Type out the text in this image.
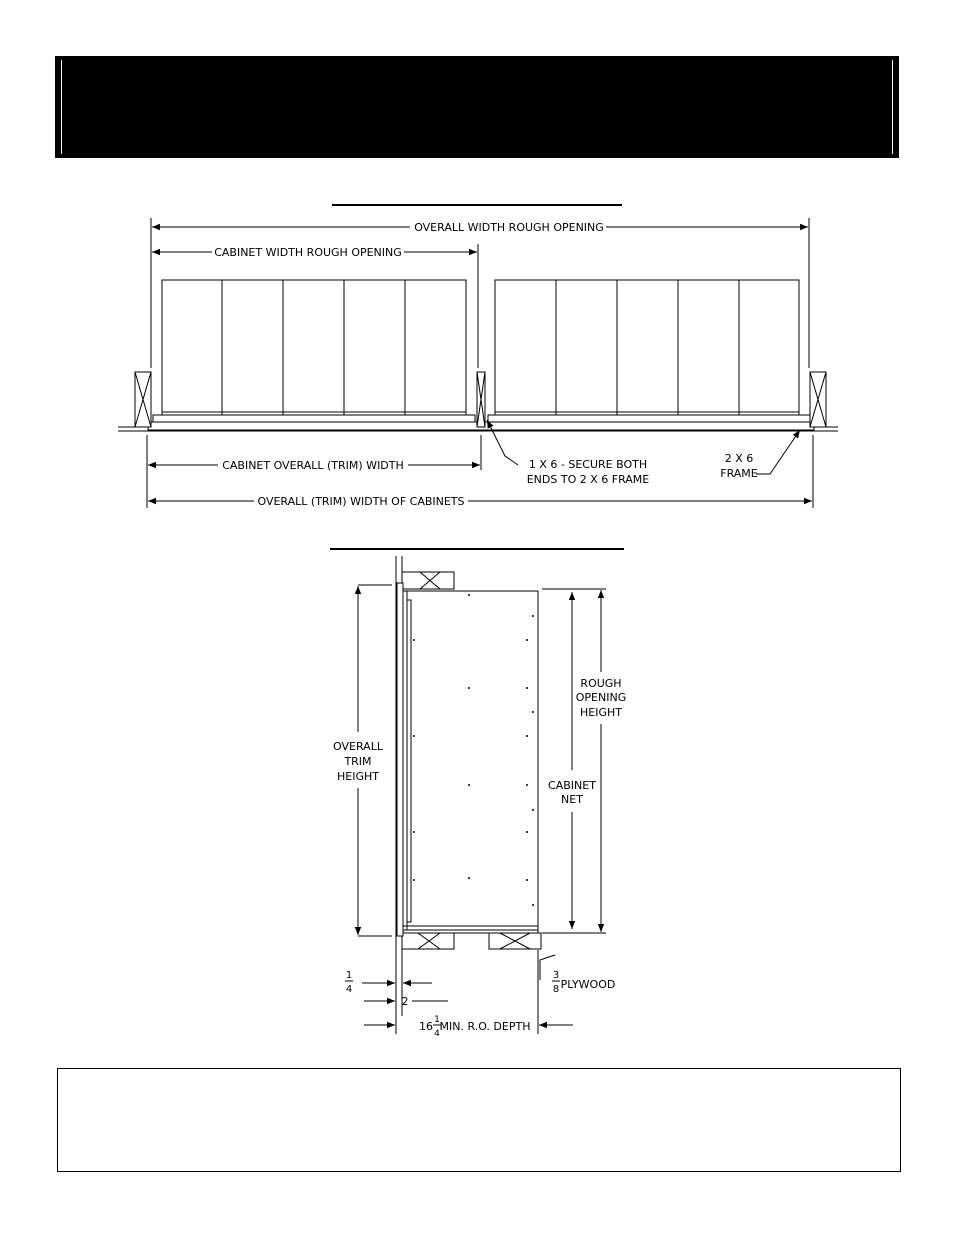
OVERALL WIDTH ROUGH OPENING
CABINET WIDTH ROUGH OPENING
CABINET OVERALL (TRIM) WIDTH
OVERALL (TRIM) WIDTH OF CABINETS
1 X 6 - SECURE BOTH
ENDS TO 2 X 6 FRAME
2 X 6
FRAME
OVERALL
TRIM
HEIGHT
ROUGH
OPENING
HEIGHT
CABINET
NET
1
4
2
3
8 PLYWOOD
16 1
4
MIN. R.O. DEPTH
